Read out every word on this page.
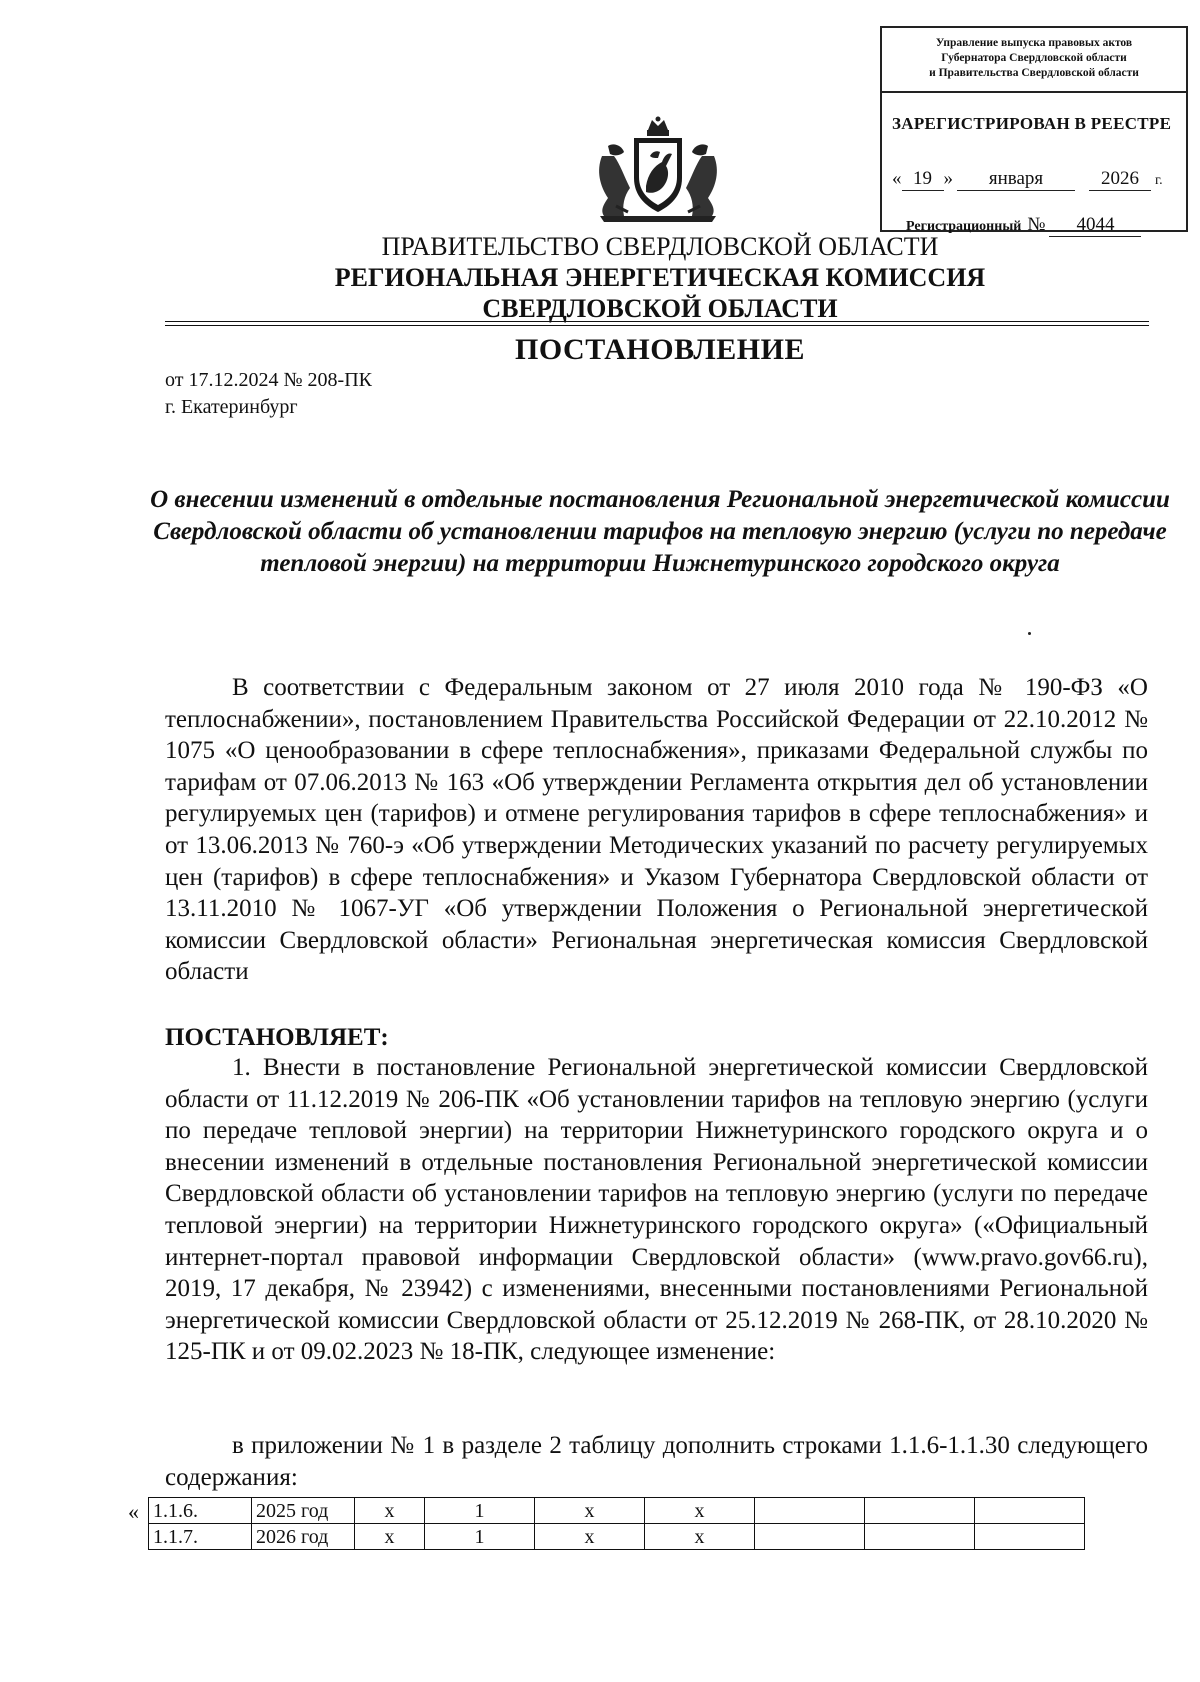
Управление выпуска правовых актов
Губернатора Свердловской области
и Правительства Свердловской области
ЗАРЕГИСТРИРОВАН В РЕЕСТРЕ
« 19 » января	2026 г.
Регистрационный № 4044
ПРАВИТЕЛЬСТВО СВЕРДЛОВСКОЙ ОБЛАСТИ
РЕГИОНАЛЬНАЯ ЭНЕРГЕТИЧЕСКАЯ КОМИССИЯ
СВЕРДЛОВСКОЙ ОБЛАСТИ
ПОСТАНОВЛЕНИЕ
от 17.12.2024 № 208-ПК
г. Екатеринбург
О внесении изменений в отдельные постановления Региональной энергетической комиссии Свердловской области об установлении тарифов на тепловую энергию (услуги по передаче тепловой энергии) на территории Нижнетуринского городского округа
В соответствии с Федеральным законом от 27 июля 2010 года № 190-ФЗ «О теплоснабжении», постановлением Правительства Российской Федерации от 22.10.2012 № 1075 «О ценообразовании в сфере теплоснабжения», приказами Федеральной службы по тарифам от 07.06.2013 № 163 «Об утверждении Регламента открытия дел об установлении регулируемых цен (тарифов) и отмене регулирования тарифов в сфере теплоснабжения» и от 13.06.2013 № 760-э «Об утверждении Методических указаний по расчету регулируемых цен (тарифов) в сфере теплоснабжения» и Указом Губернатора Свердловской области от 13.11.2010 № 1067-УГ «Об утверждении Положения о Региональной энергетической комиссии Свердловской области» Региональная энергетическая комиссия Свердловской области
ПОСТАНОВЛЯЕТ:
1. Внести в постановление Региональной энергетической комиссии Свердловской области от 11.12.2019 № 206-ПК «Об установлении тарифов на тепловую энергию (услуги по передаче тепловой энергии) на территории Нижнетуринского городского округа и о внесении изменений в отдельные постановления Региональной энергетической комиссии Свердловской области об установлении тарифов на тепловую энергию (услуги по передаче тепловой энергии) на территории Нижнетуринского городского округа» («Официальный интернет-портал правовой информации Свердловской области» (www.pravo.gov66.ru), 2019, 17 декабря, № 23942) с изменениями, внесенными постановлениями Региональной энергетической комиссии Свердловской области от 25.12.2019 № 268-ПК, от 28.10.2020 № 125-ПК и от 09.02.2023 № 18-ПК, следующее изменение:
в приложении № 1 в разделе 2 таблицу дополнить строками 1.1.6-1.1.30 следующего содержания:
« 1.1.6.	2025 год	х	1	х	х			
1.1.7.	2026 год	х	1	х	х			
